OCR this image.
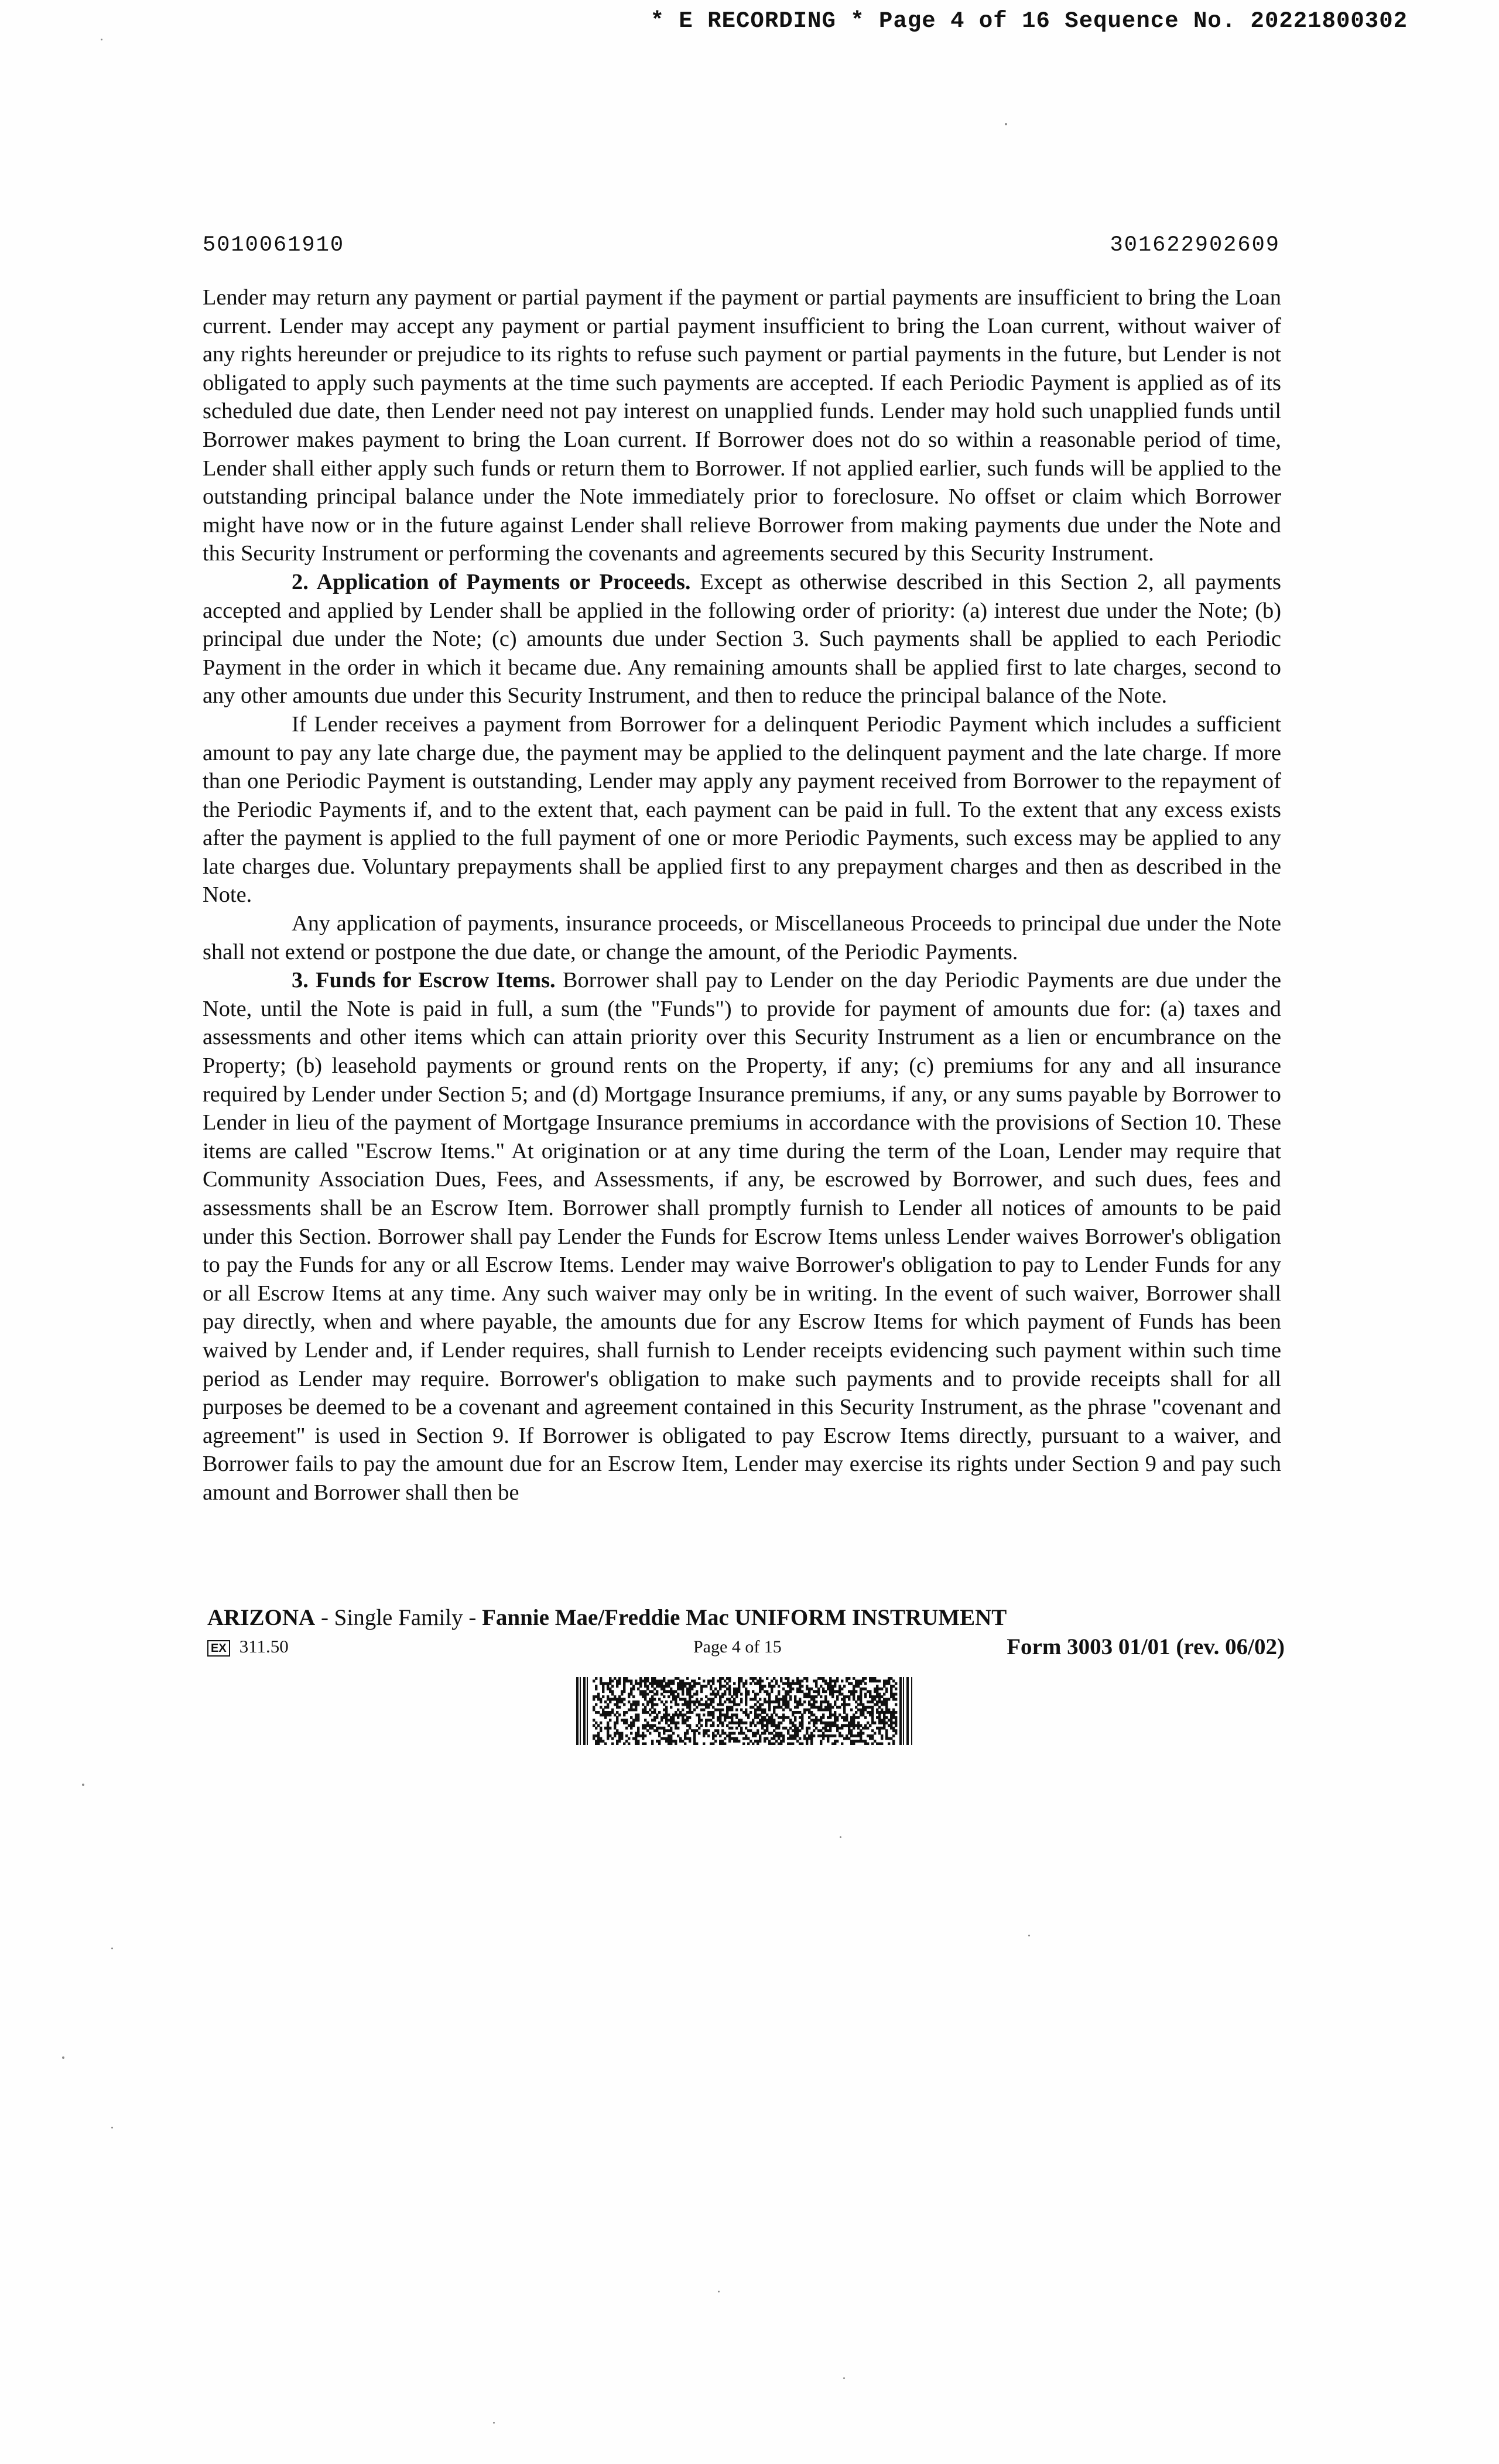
* E RECORDING * Page 4 of 16 Sequence No. 20221800302
5010061910	301622902609

Lender may return any payment or partial payment if the payment or partial payments are insufficient to bring the Loan current. Lender may accept any payment or partial payment insufficient to bring the Loan current, without waiver of any rights hereunder or prejudice to its rights to refuse such payment or partial payments in the future, but Lender is not obligated to apply such payments at the time such payments are accepted. If each Periodic Payment is applied as of its scheduled due date, then Lender need not pay interest on unapplied funds. Lender may hold such unapplied funds until Borrower makes payment to bring the Loan current. If Borrower does not do so within a reasonable period of time, Lender shall either apply such funds or return them to Borrower. If not applied earlier, such funds will be applied to the outstanding principal balance under the Note immediately prior to foreclosure. No offset or claim which Borrower might have now or in the future against Lender shall relieve Borrower from making payments due under the Note and this Security Instrument or performing the covenants and agreements secured by this Security Instrument.

2. Application of Payments or Proceeds. Except as otherwise described in this Section 2, all payments accepted and applied by Lender shall be applied in the following order of priority: (a) interest due under the Note; (b) principal due under the Note; (c) amounts due under Section 3. Such payments shall be applied to each Periodic Payment in the order in which it became due. Any remaining amounts shall be applied first to late charges, second to any other amounts due under this Security Instrument, and then to reduce the principal balance of the Note.

If Lender receives a payment from Borrower for a delinquent Periodic Payment which includes a sufficient amount to pay any late charge due, the payment may be applied to the delinquent payment and the late charge. If more than one Periodic Payment is outstanding, Lender may apply any payment received from Borrower to the repayment of the Periodic Payments if, and to the extent that, each payment can be paid in full. To the extent that any excess exists after the payment is applied to the full payment of one or more Periodic Payments, such excess may be applied to any late charges due. Voluntary prepayments shall be applied first to any prepayment charges and then as described in the Note.

Any application of payments, insurance proceeds, or Miscellaneous Proceeds to principal due under the Note shall not extend or postpone the due date, or change the amount, of the Periodic Payments.

3. Funds for Escrow Items. Borrower shall pay to Lender on the day Periodic Payments are due under the Note, until the Note is paid in full, a sum (the "Funds") to provide for payment of amounts due for: (a) taxes and assessments and other items which can attain priority over this Security Instrument as a lien or encumbrance on the Property; (b) leasehold payments or ground rents on the Property, if any; (c) premiums for any and all insurance required by Lender under Section 5; and (d) Mortgage Insurance premiums, if any, or any sums payable by Borrower to Lender in lieu of the payment of Mortgage Insurance premiums in accordance with the provisions of Section 10. These items are called "Escrow Items." At origination or at any time during the term of the Loan, Lender may require that Community Association Dues, Fees, and Assessments, if any, be escrowed by Borrower, and such dues, fees and assessments shall be an Escrow Item. Borrower shall promptly furnish to Lender all notices of amounts to be paid under this Section. Borrower shall pay Lender the Funds for Escrow Items unless Lender waives Borrower's obligation to pay the Funds for any or all Escrow Items. Lender may waive Borrower's obligation to pay to Lender Funds for any or all Escrow Items at any time. Any such waiver may only be in writing. In the event of such waiver, Borrower shall pay directly, when and where payable, the amounts due for any Escrow Items for which payment of Funds has been waived by Lender and, if Lender requires, shall furnish to Lender receipts evidencing such payment within such time period as Lender may require. Borrower's obligation to make such payments and to provide receipts shall for all purposes be deemed to be a covenant and agreement contained in this Security Instrument, as the phrase "covenant and agreement" is used in Section 9. If Borrower is obligated to pay Escrow Items directly, pursuant to a waiver, and Borrower fails to pay the amount due for an Escrow Item, Lender may exercise its rights under Section 9 and pay such amount and Borrower shall then be

ARIZONA - Single Family - Fannie Mae/Freddie Mac UNIFORM INSTRUMENT
EX 311.50	Page 4 of 15	Form 3003 01/01 (rev. 06/02)
